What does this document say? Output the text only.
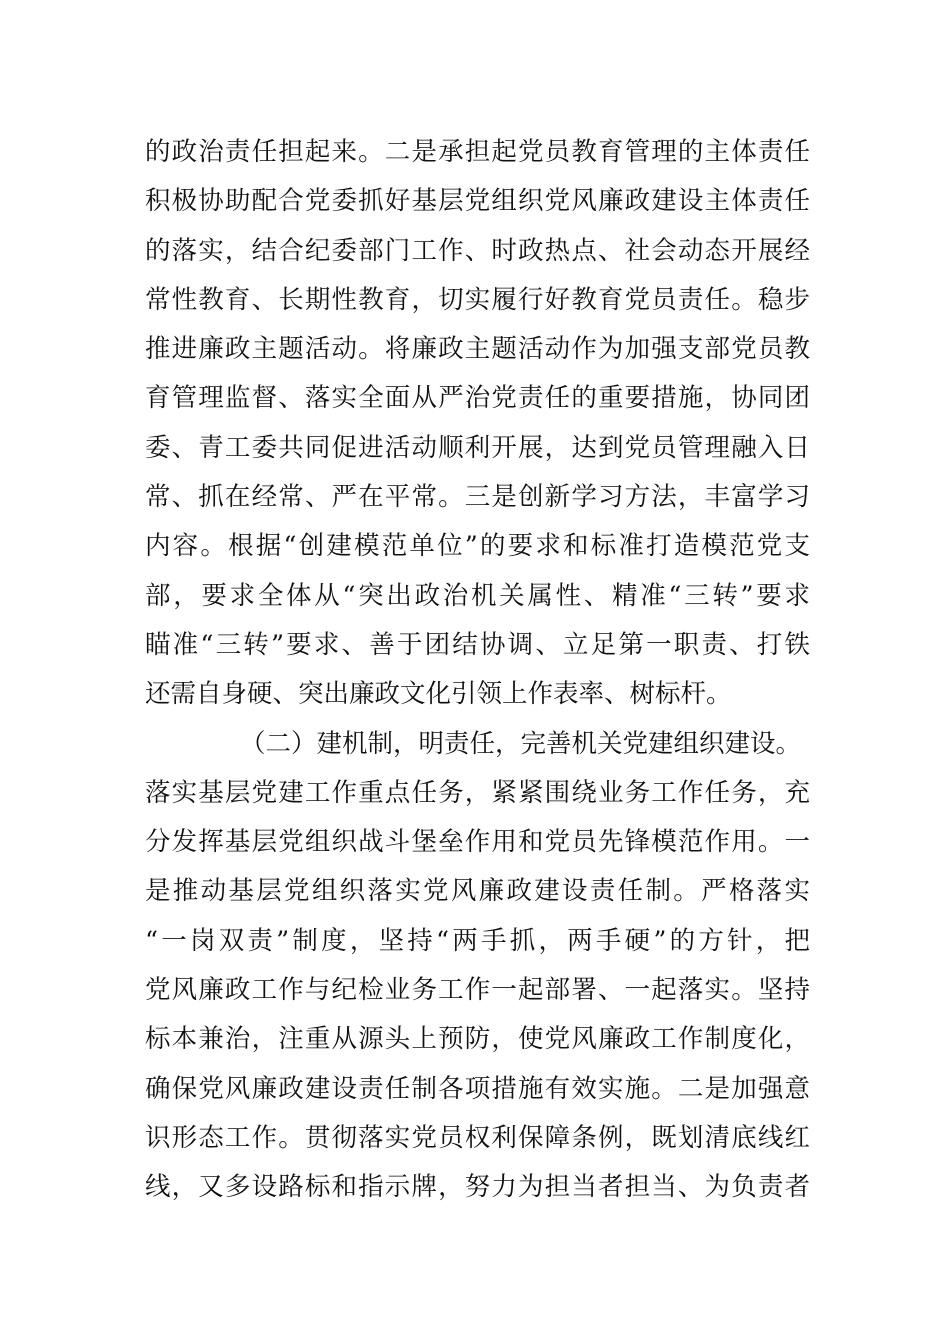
的政治责任担起来。二是承担起党员教育管理的主体责任
积极协助配合党委抓好基层党组织党风廉政建设主体责任
的落实，结合纪委部门工作、时政热点、社会动态开展经
常性教育、长期性教育，切实履行好教育党员责任。稳步
推进廉政主题活动。将廉政主题活动作为加强支部党员教
育管理监督、落实全面从严治党责任的重要措施，协同团
委、青工委共同促进活动顺利开展，达到党员管理融入日
常、抓在经常、严在平常。三是创新学习方法，丰富学习
内容。根据“创建模范单位”的要求和标准打造模范党支
部，要求全体从“突出政治机关属性、精准“三转”要求
瞄准“三转”要求、善于团结协调、立足第一职责、打铁
还需自身硬、突出廉政文化引领上作表率、树标杆。
（二）建机制，明责任，完善机关党建组织建设。
落实基层党建工作重点任务，紧紧围绕业务工作任务，充
分发挥基层党组织战斗堡垒作用和党员先锋模范作用。一
是推动基层党组织落实党风廉政建设责任制。严格落实
“一岗双责”制度，坚持“两手抓，两手硬”的方针，把
党风廉政工作与纪检业务工作一起部署、一起落实。坚持
标本兼治，注重从源头上预防，使党风廉政工作制度化，
确保党风廉政建设责任制各项措施有效实施。二是加强意
识形态工作。贯彻落实党员权利保障条例，既划清底线红
线，又多设路标和指示牌，努力为担当者担当、为负责者
